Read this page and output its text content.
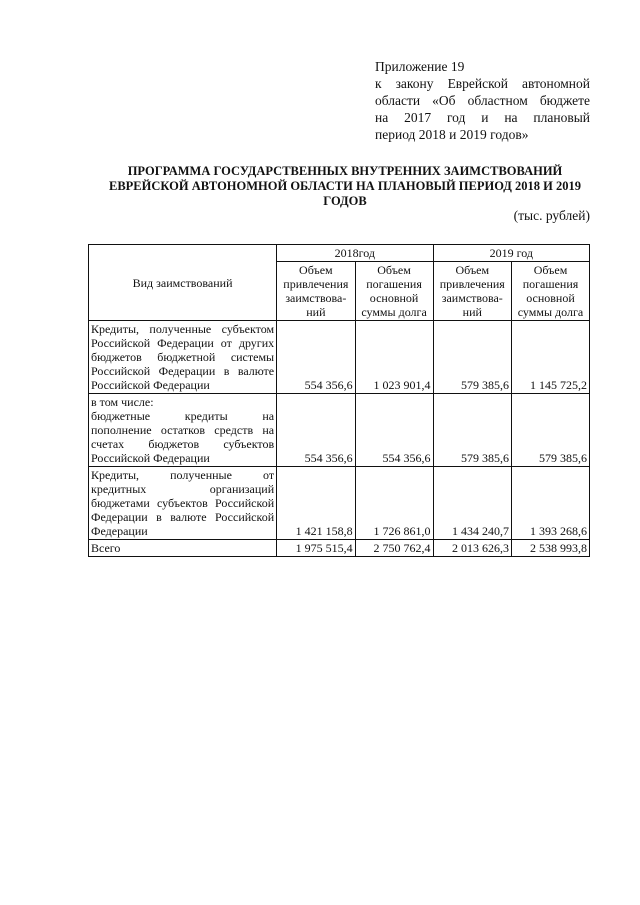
Приложение 19
к закону Еврейской автономной
области «Об областном бюджете
на 2017 год и на плановый
период 2018 и 2019 годов»
ПРОГРАММА ГОСУДАРСТВЕННЫХ ВНУТРЕННИХ ЗАИМСТВОВАНИЙ
ЕВРЕЙСКОЙ АВТОНОМНОЙ ОБЛАСТИ НА ПЛАНОВЫЙ ПЕРИОД 2018 И 2019
ГОДОВ
(тыс. рублей)
Вид заимствований	2018год		2019 год	
	Объем привлечения заимствова-ний	Объем погашения основной суммы долга	Объем привлечения заимствова-ний	Объем погашения основной суммы долга
Кредиты, полученные субъектом Российской Федерации от других бюджетов бюджетной системы Российской Федерации в валюте Российской Федерации	554 356,6	1 023 901,4	579 385,6	1 145 725,2

в том числе:
бюджетные кредиты на пополнение остатков средств на счетах бюджетов субъектов Российской Федерации	554 356,6	554 356,6	579 385,6	579 385,6
Кредиты, полученные от кредитных организаций бюджетами субъектов Российской Федерации в валюте Российской Федерации	1 421 158,8	1 726 861,0	1 434 240,7	1 393 268,6
Всего	1 975 515,4	2 750 762,4	2 013 626,3	2 538 993,8
